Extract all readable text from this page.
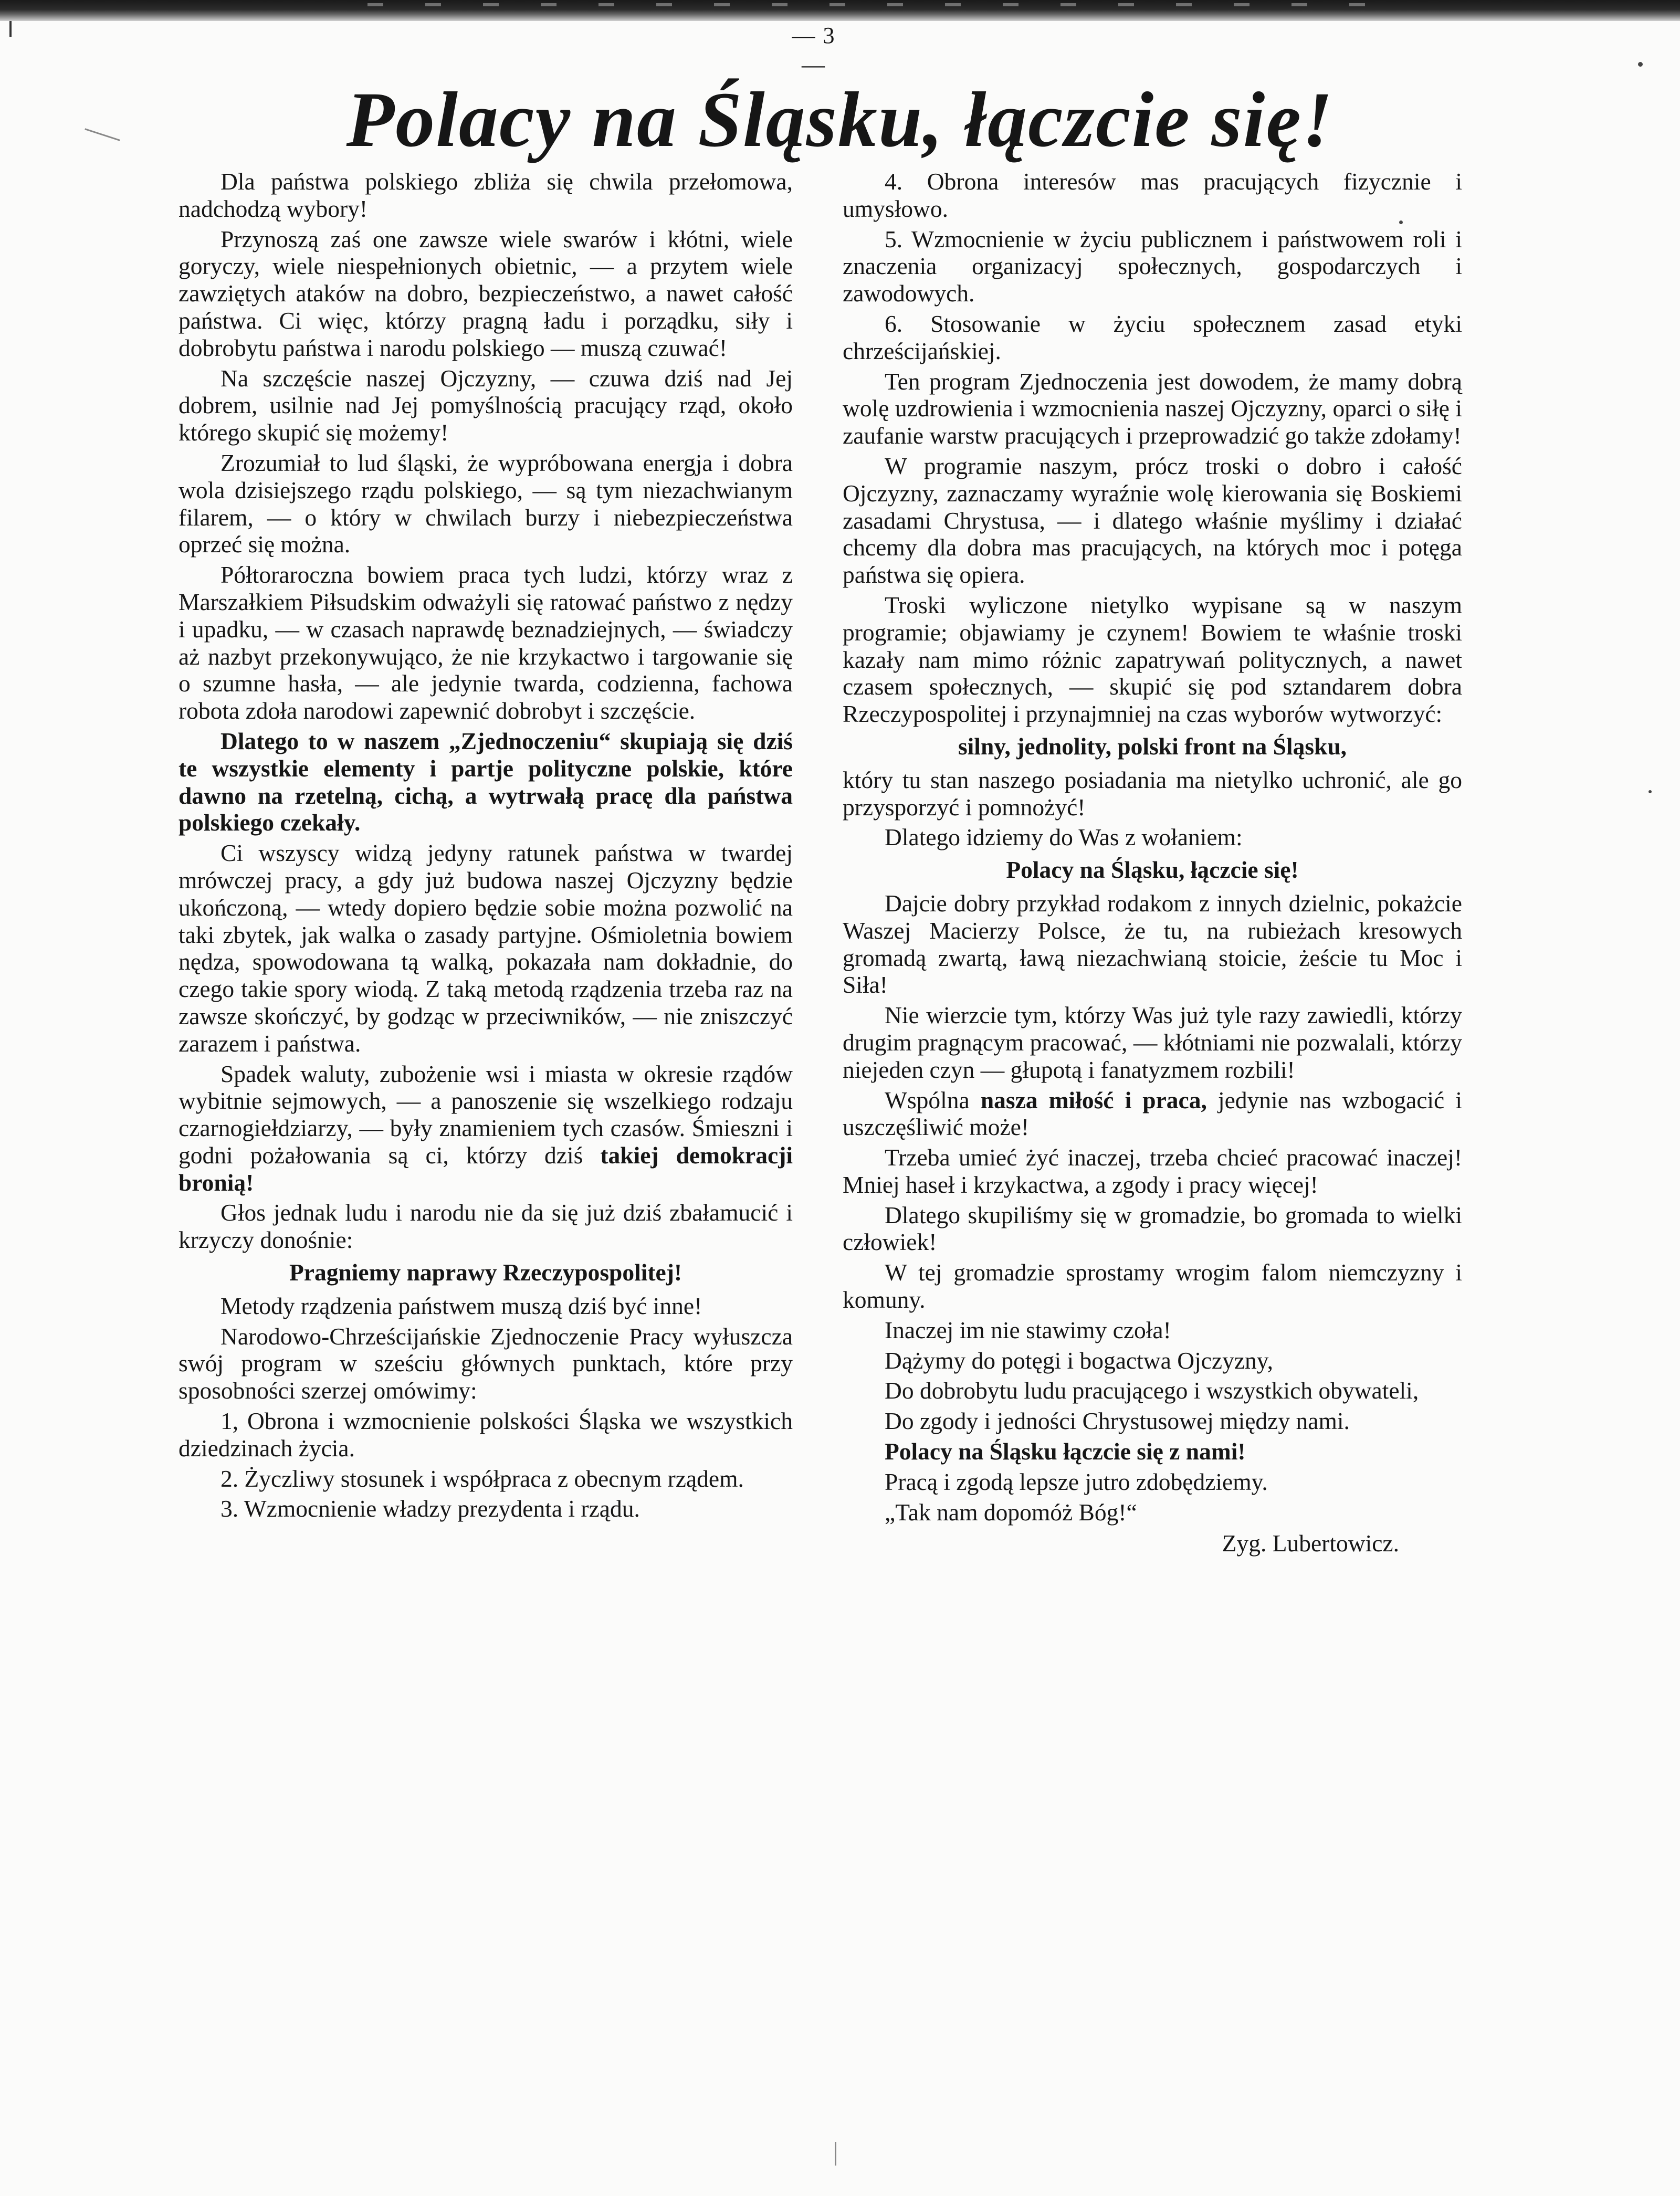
— 3 —
Polacy na Śląsku, łączcie się!

Dla państwa polskiego zbliża się chwila przełomowa, nadchodzą wybory!

Przynoszą zaś one zawsze wiele swarów i kłótni, wiele goryczy, wiele niespełnionych obietnic, — a przytem wiele zawziętych ataków na dobro, bezpieczeństwo, a nawet całość państwa. Ci więc, którzy pragną ładu i porządku, siły i dobrobytu państwa i narodu polskiego — muszą czuwać!

Na szczęście naszej Ojczyzny, — czuwa dziś nad Jej dobrem, usilnie nad Jej pomyślnością pracujący rząd, około którego skupić się możemy!

Zrozumiał to lud śląski, że wypróbowana energja i dobra wola dzisiejszego rządu polskiego, — są tym niezachwianym filarem, — o który w chwilach burzy i niebezpieczeństwa oprzeć się można.

Półtoraroczna bowiem praca tych ludzi, którzy wraz z Marszałkiem Piłsudskim odważyli się ratować państwo z nędzy i upadku, — w czasach naprawdę beznadziejnych, — świadczy aż nazbyt przekonywująco, że nie krzykactwo i targowanie się o szumne hasła, — ale jedynie twarda, codzienna, fachowa robota zdoła narodowi zapewnić dobrobyt i szczęście.

Dlatego to w naszem „Zjednoczeniu“ skupiają się dziś te wszystkie elementy i partje polityczne polskie, które dawno na rzetelną, cichą, a wytrwałą pracę dla państwa polskiego czekały.

Ci wszyscy widzą jedyny ratunek państwa w twardej mrówczej pracy, a gdy już budowa naszej Ojczyzny będzie ukończoną, — wtedy dopiero będzie sobie można pozwolić na taki zbytek, jak walka o zasady partyjne. Ośmioletnia bowiem nędza, spowodowana tą walką, pokazała nam dokładnie, do czego takie spory wiodą. Z taką metodą rządzenia trzeba raz na zawsze skończyć, by godząc w przeciwników, — nie zniszczyć zarazem i państwa.

Spadek waluty, zubożenie wsi i miasta w okresie rządów wybitnie sejmowych, — a panoszenie się wszelkiego rodzaju czarnogiełdziarzy, — były znamieniem tych czasów. Śmieszni i godni pożałowania są ci, którzy dziś takiej demokracji bronią!

Głos jednak ludu i narodu nie da się już dziś zbałamucić i krzyczy donośnie:

Pragniemy naprawy Rzeczypospolitej!

Metody rządzenia państwem muszą dziś być inne!

Narodowo-Chrześcijańskie Zjednoczenie Pracy wyłuszcza swój program w sześciu głównych punktach, które przy sposobności szerzej omówimy:

1, Obrona i wzmocnienie polskości Śląska we wszystkich dziedzinach życia.

2. Życzliwy stosunek i współpraca z obecnym rządem.

3. Wzmocnienie władzy prezydenta i rządu.

4. Obrona interesów mas pracujących fizycznie i umysłowo.

5. Wzmocnienie w życiu publicznem i państwowem roli i znaczenia organizacyj społecznych, gospodarczych i zawodowych.

6. Stosowanie w życiu społecznem zasad etyki chrześcijańskiej.

Ten program Zjednoczenia jest dowodem, że mamy dobrą wolę uzdrowienia i wzmocnienia naszej Ojczyzny, oparci o siłę i zaufanie warstw pracujących i przeprowadzić go także zdołamy!

W programie naszym, prócz troski o dobro i całość Ojczyzny, zaznaczamy wyraźnie wolę kierowania się Boskiemi zasadami Chrystusa, — i dlatego właśnie myślimy i działać chcemy dla dobra mas pracujących, na których moc i potęga państwa się opiera.

Troski wyliczone nietylko wypisane są w naszym programie; objawiamy je czynem! Bowiem te właśnie troski kazały nam mimo różnic zapatrywań politycznych, a nawet czasem społecznych, — skupić się pod sztandarem dobra Rzeczypospolitej i przynajmniej na czas wyborów wytworzyć:

silny, jednolity, polski front na Śląsku,

który tu stan naszego posiadania ma nietylko uchronić, ale go przysporzyć i pomnożyć!

Dlatego idziemy do Was z wołaniem:

Polacy na Śląsku, łączcie się!

Dajcie dobry przykład rodakom z innych dzielnic, pokażcie Waszej Macierzy Polsce, że tu, na rubieżach kresowych gromadą zwartą, ławą niezachwianą stoicie, żeście tu Moc i Siła!

Nie wierzcie tym, którzy Was już tyle razy zawiedli, którzy drugim pragnącym pracować, — kłótniami nie pozwalali, którzy niejeden czyn — głupotą i fanatyzmem rozbili!

Wspólna nasza miłość i praca, jedynie nas wzbogacić i uszczęśliwić może!

Trzeba umieć żyć inaczej, trzeba chcieć pracować inaczej! Mniej haseł i krzykactwa, a zgody i pracy więcej!

Dlatego skupiliśmy się w gromadzie, bo gromada to wielki człowiek!

W tej gromadzie sprostamy wrogim falom niemczyzny i komuny.

Inaczej im nie stawimy czoła!

Dążymy do potęgi i bogactwa Ojczyzny,

Do dobrobytu ludu pracującego i wszystkich obywateli,

Do zgody i jedności Chrystusowej między nami.

Polacy na Śląsku łączcie się z nami!

Pracą i zgodą lepsze jutro zdobędziemy.

„Tak nam dopomóż Bóg!“

Zyg. Lubertowicz.
